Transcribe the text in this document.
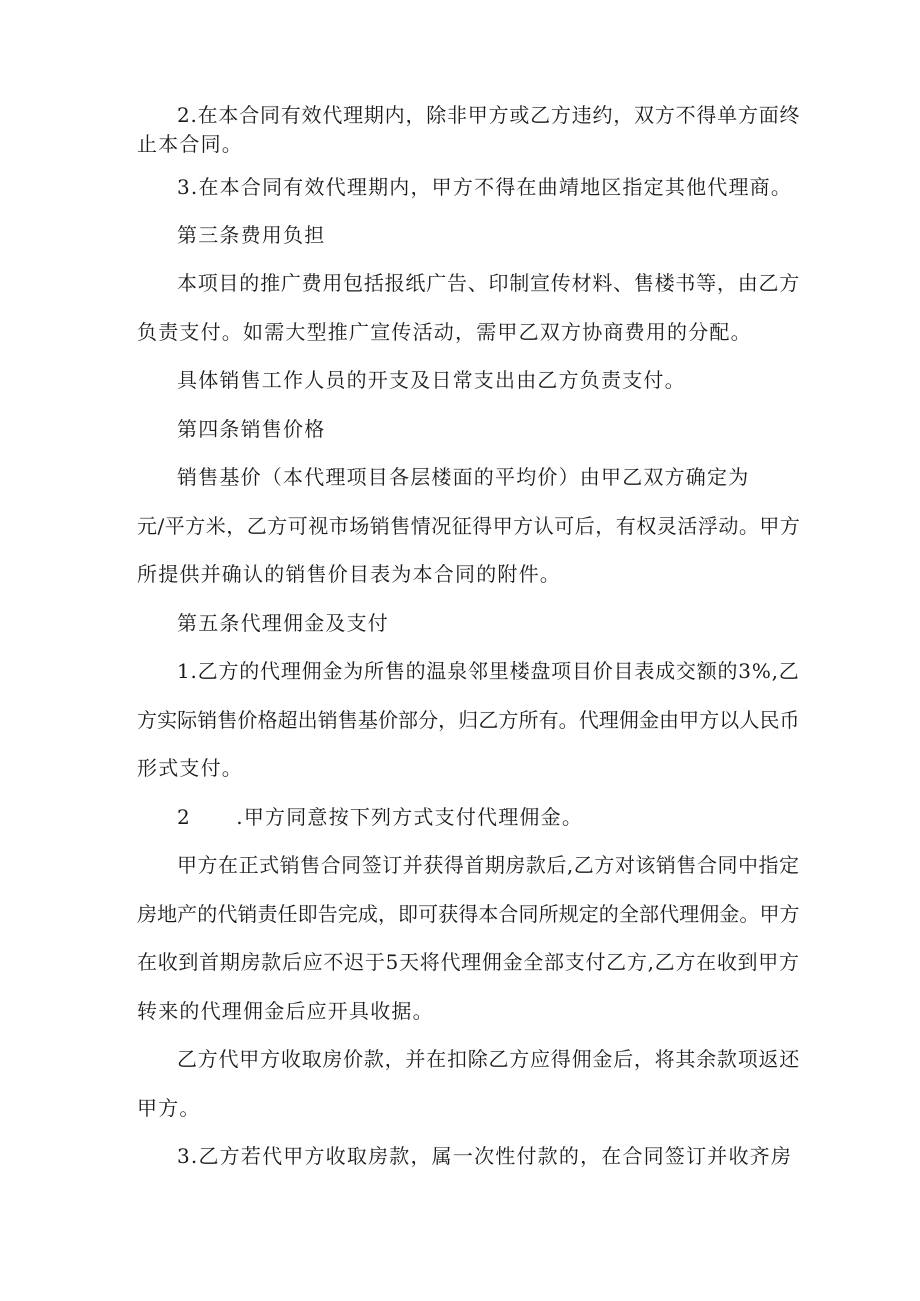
2.在本合同有效代理期内，除非甲方或乙方违约，双方不得单方面终
止本合同。
3.在本合同有效代理期内，甲方不得在曲靖地区指定其他代理商。
第三条费用负担
本项目的推广费用包括报纸广告、印制宣传材料、售楼书等，由乙方
负责支付。如需大型推广宣传活动，需甲乙双方协商费用的分配。
具体销售工作人员的开支及日常支出由乙方负责支付。
第四条销售价格
销售基价（本代理项目各层楼面的平均价）由甲乙双方确定为
元/平方米，乙方可视市场销售情况征得甲方认可后，有权灵活浮动。甲方
所提供并确认的销售价目表为本合同的附件。
第五条代理佣金及支付
1.乙方的代理佣金为所售的温泉邻里楼盘项目价目表成交额的3%,乙
方实际销售价格超出销售基价部分，归乙方所有。代理佣金由甲方以人民币
形式支付。
2      .甲方同意按下列方式支付代理佣金。
甲方在正式销售合同签订并获得首期房款后,乙方对该销售合同中指定
房地产的代销责任即告完成，即可获得本合同所规定的全部代理佣金。甲方
在收到首期房款后应不迟于5天将代理佣金全部支付乙方,乙方在收到甲方
转来的代理佣金后应开具收据。
乙方代甲方收取房价款，并在扣除乙方应得佣金后，将其余款项返还
甲方。
3.乙方若代甲方收取房款，属一次性付款的，在合同签订并收齐房
